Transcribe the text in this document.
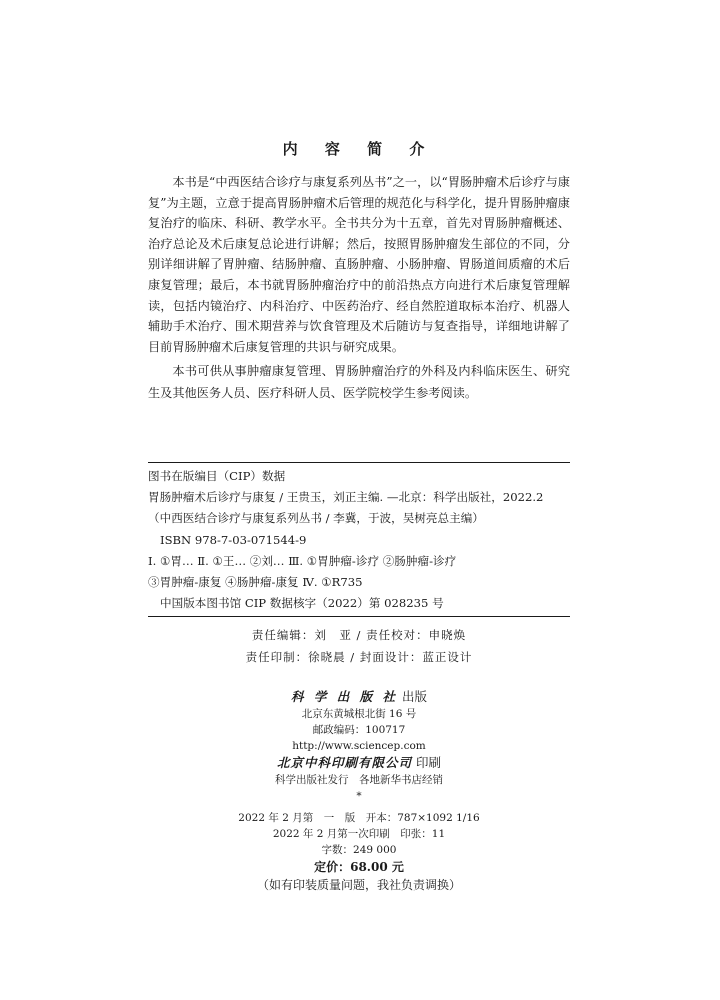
内 容 简 介

本书是“中西医结合诊疗与康复系列丛书”之一，以“胃肠肿瘤术后诊疗与康复”为主题，立意于提高胃肠肿瘤术后管理的规范化与科学化，提升胃肠肿瘤康复治疗的临床、科研、教学水平。全书共分为十五章，首先对胃肠肿瘤概述、治疗总论及术后康复总论进行讲解；然后，按照胃肠肿瘤发生部位的不同，分别详细讲解了胃肿瘤、结肠肿瘤、直肠肿瘤、小肠肿瘤、胃肠道间质瘤的术后康复管理；最后，本书就胃肠肿瘤治疗中的前沿热点方向进行术后康复管理解读，包括内镜治疗、内科治疗、中医药治疗、经自然腔道取标本治疗、机器人辅助手术治疗、围术期营养与饮食管理及术后随访与复查指导，详细地讲解了目前胃肠肿瘤术后康复管理的共识与研究成果。

本书可供从事肿瘤康复管理、胃肠肿瘤治疗的外科及内科临床医生、研究生及其他医务人员、医疗科研人员、医学院校学生参考阅读。

图书在版编目（CIP）数据
胃肠肿瘤术后诊疗与康复 / 王贵玉，刘正主编. —北京：科学出版社，2022.2
（中西医结合诊疗与康复系列丛书 / 李冀，于波，吴树亮总主编）
ISBN 978-7-03-071544-9
Ⅰ. ①胃… Ⅱ. ①王… ②刘… Ⅲ. ①胃肿瘤-诊疗 ②肠肿瘤-诊疗
③胃肿瘤-康复 ④肠肿瘤-康复 Ⅳ. ①R735
中国版本图书馆 CIP 数据核字（2022）第 028235 号
责任编辑：刘　亚 / 责任校对：申晓焕
责任印制：徐晓晨 / 封面设计：蓝正设计
科 学 出 版 社 出版
北京东黄城根北街 16 号
邮政编码：100717
http://www.sciencep.com
北京中科印刷有限公司 印刷
科学出版社发行　各地新华书店经销
*
2022 年 2 月第　一　版　开本：787×1092 1/16
2022 年 2 月第一次印刷　印张：11
字数：249 000
定价：68.00 元
（如有印装质量问题，我社负责调换）
